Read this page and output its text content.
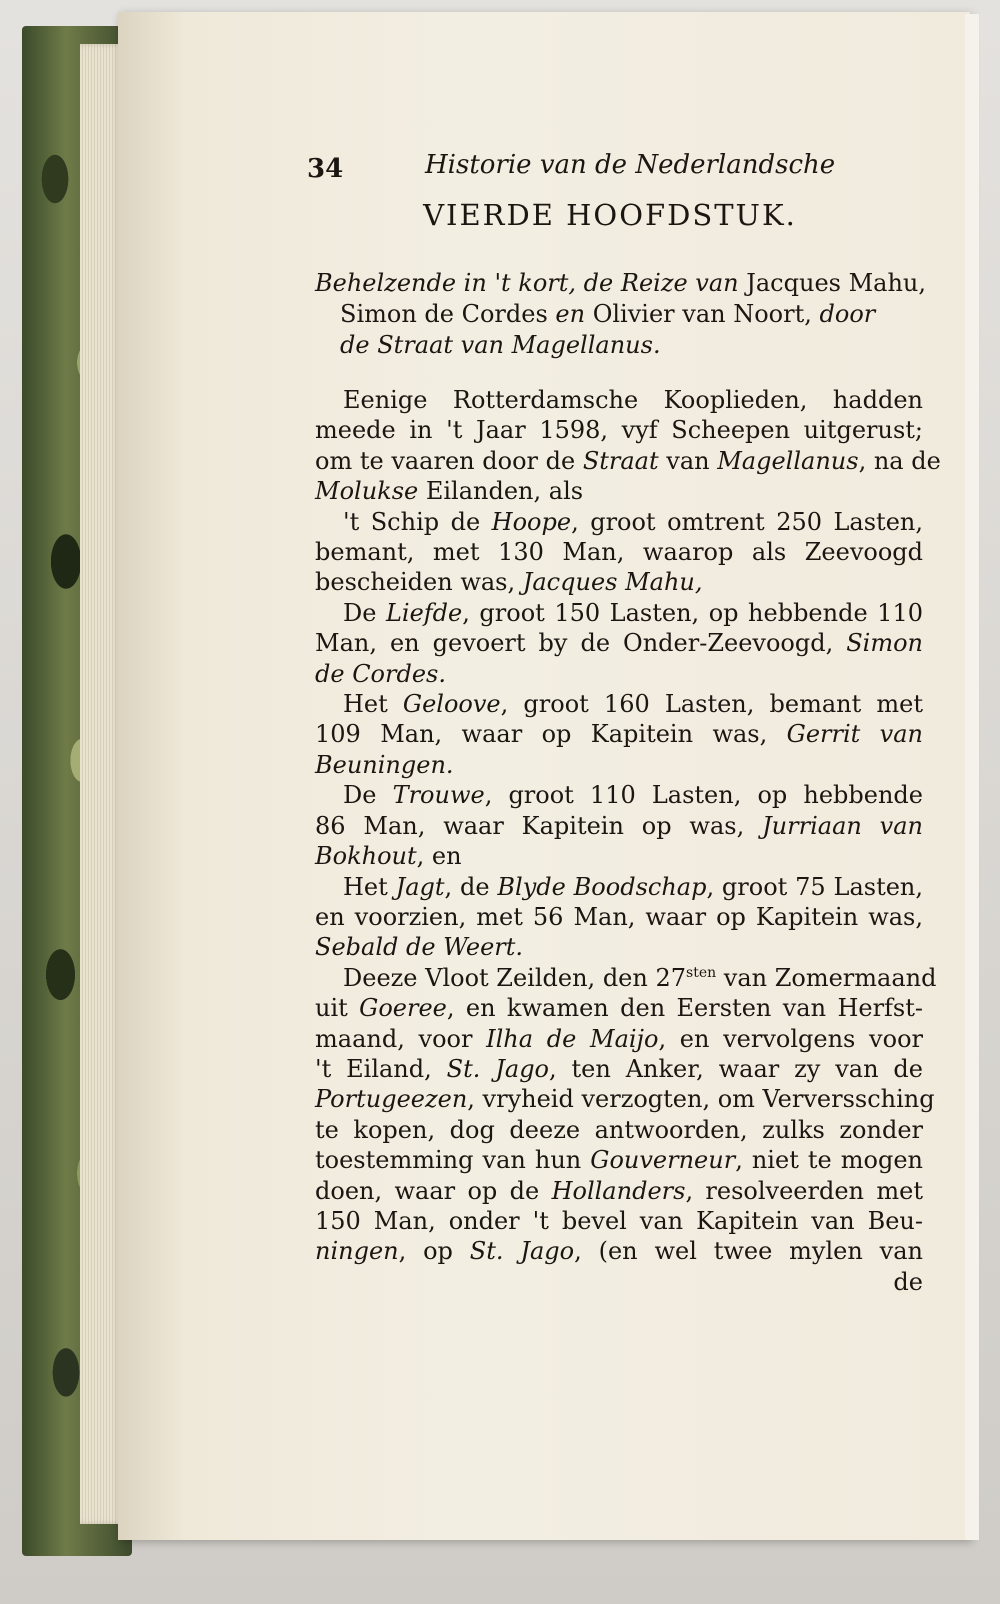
34	Historie van de Nederlandsche
VIERDE HOOFDSTUK.
Behelzende in 't kort, de Reize van Jacques Mahu,
Simon de Cordes en Olivier van Noort, door
de Straat van Magellanus.
Eenige Rotterdamsche Kooplieden, hadden
meede in 't Jaar 1598, vyf Scheepen uitgerust;
om te vaaren door de Straat van Magellanus, na de
Molukse Eilanden, als
't Schip de Hoope, groot omtrent 250 Lasten,
bemant, met 130 Man, waarop als Zeevoogd
bescheiden was, Jacques Mahu,
De Liefde, groot 150 Lasten, op hebbende 110
Man, en gevoert by de Onder-Zeevoogd, Simon
de Cordes.
Het Geloove, groot 160 Lasten, bemant met
109 Man, waar op Kapitein was, Gerrit van
Beuningen.
De Trouwe, groot 110 Lasten, op hebbende
86 Man, waar Kapitein op was, Jurriaan van
Bokhout, en
Het Jagt, de Blyde Boodschap, groot 75 Lasten,
en voorzien, met 56 Man, waar op Kapitein was,
Sebald de Weert.
Deeze Vloot Zeilden, den $27^{sten}$ van Zomermaand
uit Goeree, en kwamen den Eersten van Herfst-
maand, voor Ilha de Maijo, en vervolgens voor
't Eiland, St. Jago, ten Anker, waar zy van de
Portugeezen, vryheid verzogten, om Ververssching
te kopen, dog deeze antwoorden, zulks zonder
toestemming van hun Gouverneur, niet te mogen
doen, waar op de Hollanders, resolveerden met
150 Man, onder 't bevel van Kapitein van Beu-
ningen, op St. Jago, (en wel twee mylen van
de
